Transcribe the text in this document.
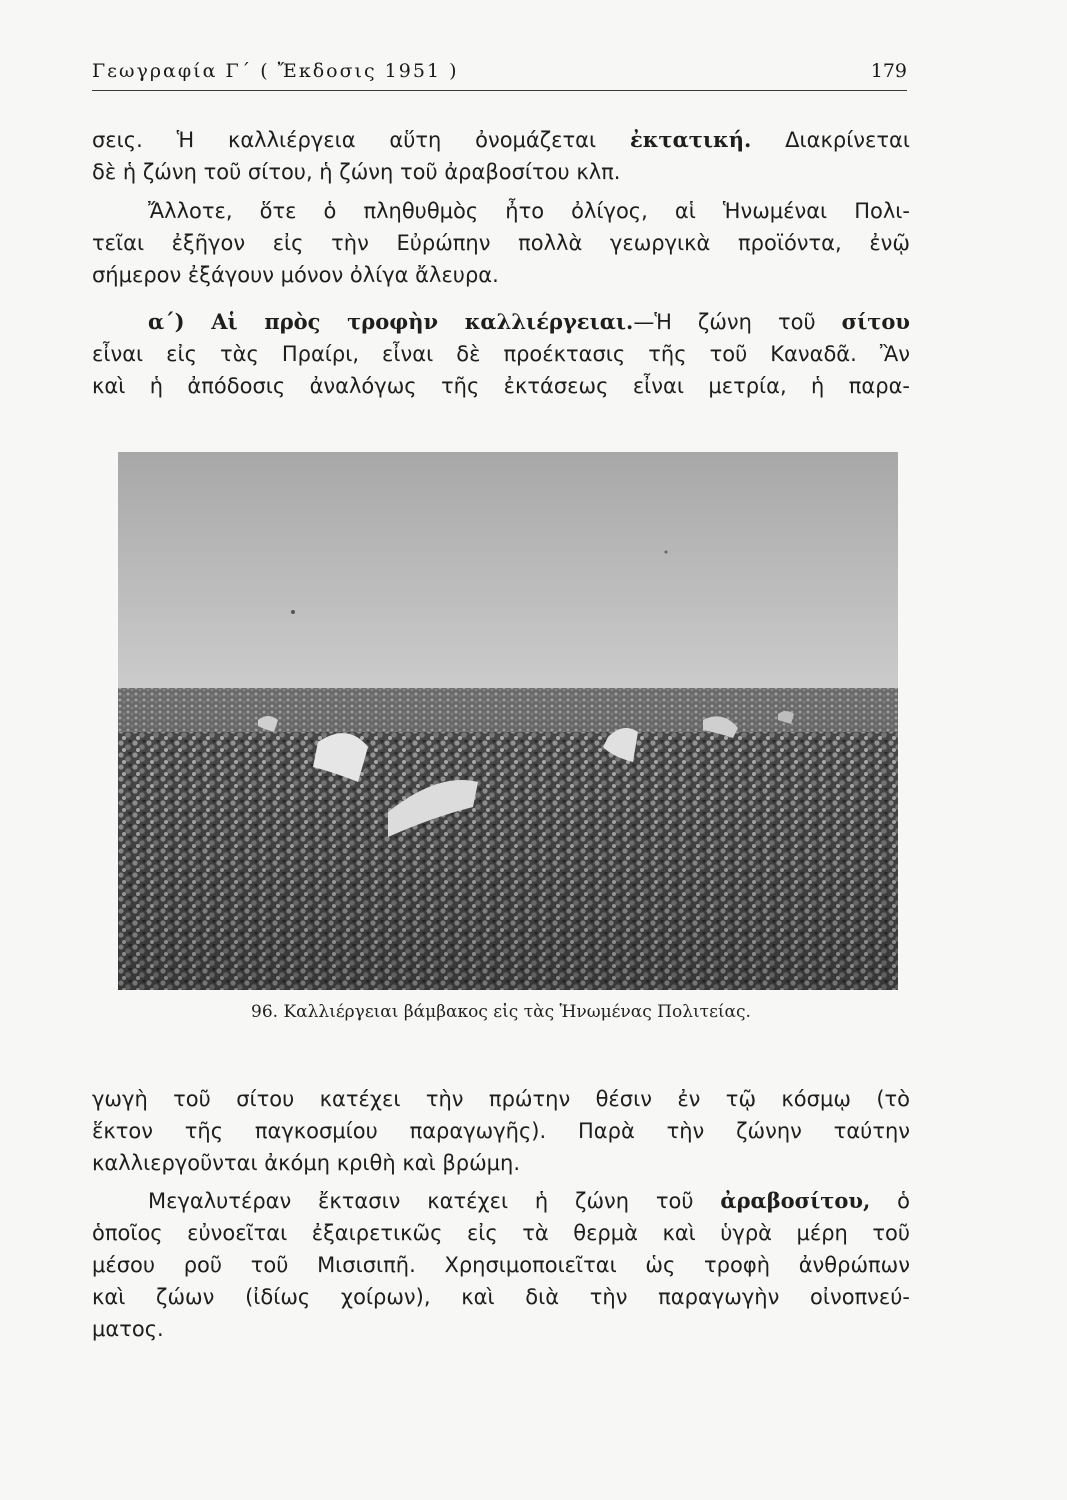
Γεωγραφία Γ΄ ( Ἔκδοσις 1951 )	179
σεις. Ἡ καλλιέργεια αὕτη ὀνομάζεται ἐκτατική. Διακρίνεται
δὲ ἡ ζώνη τοῦ σίτου, ἡ ζώνη τοῦ ἀραβοσίτου κλπ.
Ἄλλοτε, ὅτε ὁ πληθυθμὸς ἦτο ὀλίγος, αἱ Ἡνωμέναι Πολι-
τεῖαι ἐξῆγον εἰς τὴν Εὐρώπην πολλὰ γεωργικὰ προϊόντα, ἐνῷ
σήμερον ἐξάγουν μόνον ὀλίγα ἄλευρα.
α΄) Αἱ πρὸς τροφὴν καλλιέργειαι.—Ἡ ζώνη τοῦ σίτου
εἶναι εἰς τὰς Πραίρι, εἶναι δὲ προέκτασις τῆς τοῦ Καναδᾶ. Ἂν
καὶ ἡ ἀπόδοσις ἀναλόγως τῆς ἐκτάσεως εἶναι μετρία, ἡ παρα-
96. Καλλιέργειαι βάμβακος εἰς τὰς Ἡνωμένας Πολιτείας.
γωγὴ τοῦ σίτου κατέχει τὴν πρώτην θέσιν ἐν τῷ κόσμῳ (τὸ
ἕκτον τῆς παγκοσμίου παραγωγῆς). Παρὰ τὴν ζώνην ταύτην
καλλιεργοῦνται ἀκόμη κριθὴ καὶ βρώμη.
Μεγαλυτέραν ἔκτασιν κατέχει ἡ ζώνη τοῦ ἀραβοσίτου, ὁ
ὁποῖος εὐνοεῖται ἐξαιρετικῶς εἰς τὰ θερμὰ καὶ ὑγρὰ μέρη τοῦ
μέσου ροῦ τοῦ Μισισιπῆ. Χρησιμοποιεῖται ὡς τροφὴ ἀνθρώπων
καὶ ζώων (ἰδίως χοίρων), καὶ διὰ τὴν παραγωγὴν οἰνοπνεύ-
ματος.
